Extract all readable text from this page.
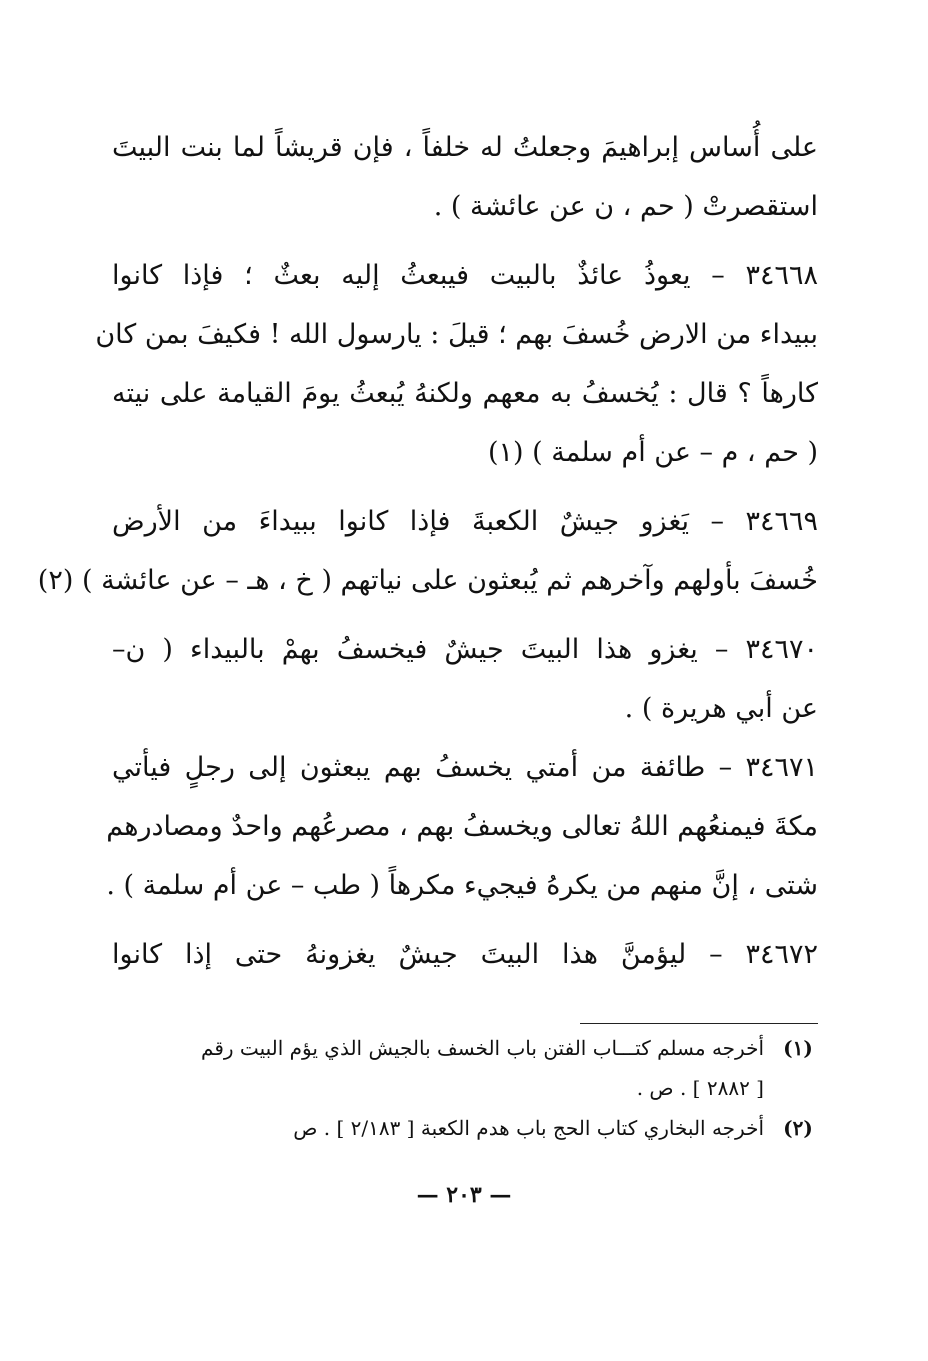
على أُساس إبراهيمَ وجعلتُ له خلفاً ، فإن قريشاً لما بنت البيتَ
استقصرتْ ( حم ، ن عن عائشة ) .
٣٤٦٦٨ – يعوذُ عائذٌ بالبيت فيبعثُ إليه بعثٌ ؛ فإذا كانوا
ببيداء من الارض خُسفَ بهم ؛ قيلَ : يارسول الله ! فكيفَ بمن كان
كارهاً ؟ قال : يُخسفُ به معهم ولكنهُ يُبعثُ يومَ القيامة على نيته
( حم ، م – عن أم سلمة ) (١)
٣٤٦٦٩ – يَغزو جيشٌ الكعبةَ فإذا كانوا ببيداءَ من الأرض
خُسفَ بأولهم وآخرهم ثم يُبعثون على نياتهم ( خ ، هـ – عن عائشة ) (٢)
٣٤٦٧٠ – يغزو هذا البيتَ جيشٌ فيخسفُ بهمْ بالبيداء ( ن–
عن أبي هريرة ) .
٣٤٦٧١ – طائفة من أمتي يخسفُ بهم يبعثون إلى رجلٍ فيأتي
مكةَ فيمنعُهم اللهُ تعالى ويخسفُ بهم ، مصرعُهم واحدٌ ومصادرهم
شتى ، إنَّ منهم من يكرهُ فيجيء مكرهاً ( طب – عن أم سلمة ) .
٣٤٦٧٢ – ليؤمنَّ هذا البيتَ جيشٌ يغزونهُ حتى إذا كانوا
(١)
أخرجه مسلم كتـــاب الفتن باب الخسف بالجيش الذي يؤم البيت رقم
[ ٢٨٨٢ ] . ص .
(٢)
أخرجه البخاري كتاب الحج باب هدم الكعبة [ ٢/١٨٣ ] . ص
— ٢٠٣ —
